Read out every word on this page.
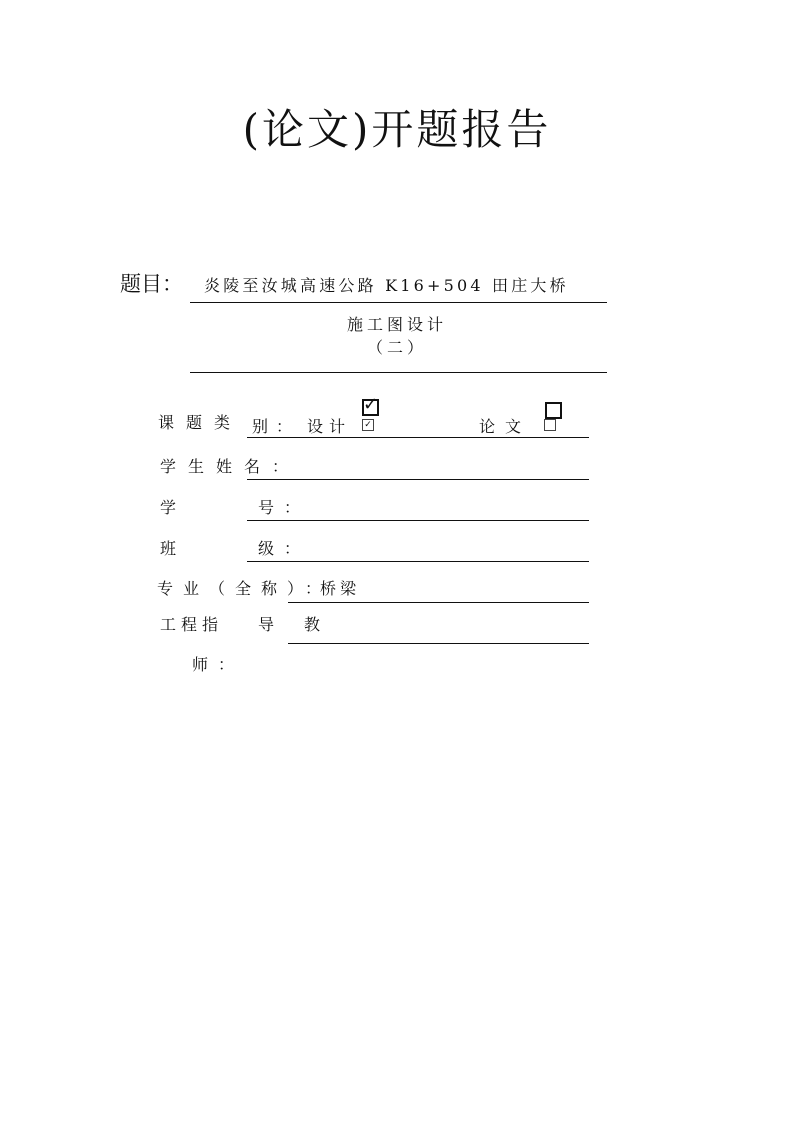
(论文)开题报告
题目： 炎陵至汝城高速公路 K16+504 田庄大桥
施工图设计
（二）
课题类 别： 设计 ✓
✓
论文
学生姓名：
学	号：
班	级：
专业（全称）：
桥梁
工程指 导 教
师：
